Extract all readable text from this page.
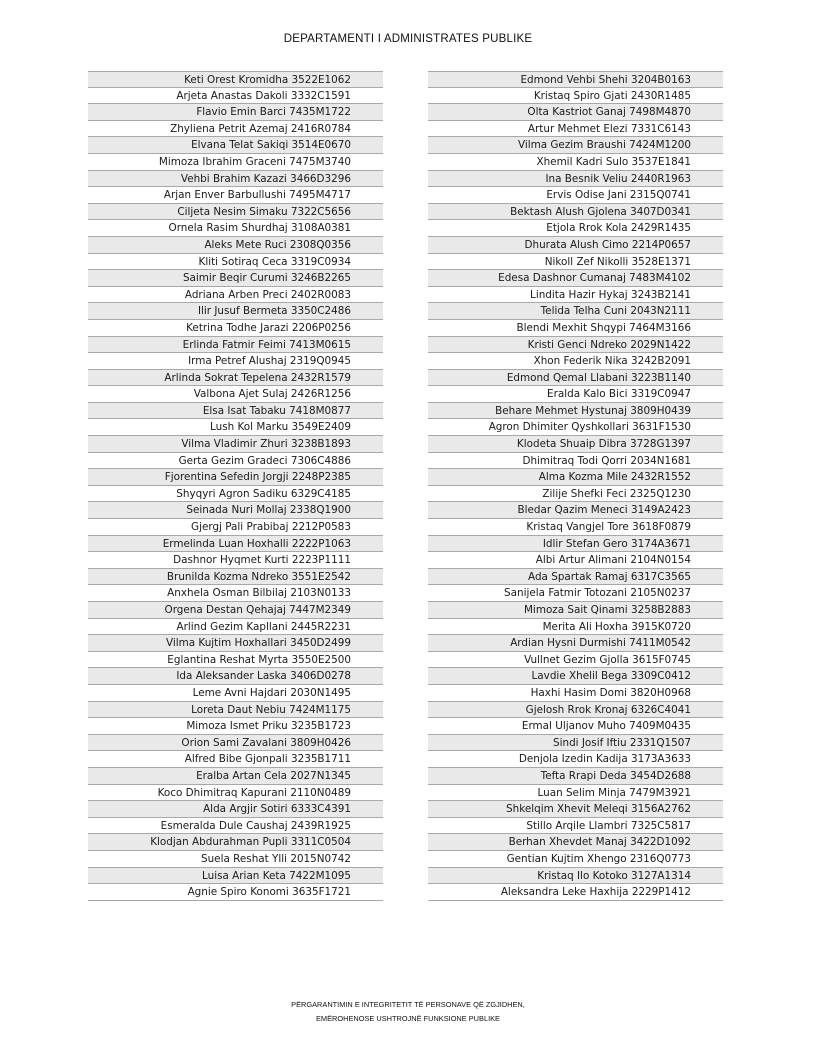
DEPARTAMENTI I ADMINISTRATES PUBLIKE
Keti Orest Kromidha 3522E1062
Arjeta Anastas Dakoli 3332C1591
Flavio Emin Barci 7435M1722
Zhyliena Petrit Azemaj 2416R0784
Elvana Telat Sakiqi 3514E0670
Mimoza Ibrahim Graceni 7475M3740
Vehbi Brahim Kazazi 3466D3296
Arjan Enver Barbullushi 7495M4717
Ciljeta Nesim Simaku 7322C5656
Ornela Rasim Shurdhaj 3108A0381
Aleks Mete Ruci 2308Q0356
Kliti Sotiraq Ceca 3319C0934
Saimir Beqir Curumi 3246B2265
Adriana Arben Preci 2402R0083
Ilir Jusuf Bermeta 3350C2486
Ketrina Todhe Jarazi 2206P0256
Erlinda Fatmir Feimi 7413M0615
Irma Petref Alushaj 2319Q0945
Arlinda Sokrat Tepelena 2432R1579
Valbona Ajet Sulaj 2426R1256
Elsa Isat Tabaku 7418M0877
Lush Kol Marku 3549E2409
Vilma Vladimir Zhuri 3238B1893
Gerta Gezim Gradeci 7306C4886
Fjorentina Sefedin Jorgji 2248P2385
Shyqyri Agron Sadiku 6329C4185
Seinada Nuri Mollaj 2338Q1900
Gjergj Pali Prabibaj 2212P0583
Ermelinda Luan Hoxhalli 2222P1063
Dashnor Hyqmet Kurti 2223P1111
Brunilda Kozma Ndreko 3551E2542
Anxhela Osman Bilbilaj 2103N0133
Orgena Destan Qehajaj 7447M2349
Arlind Gezim Kapllani 2445R2231
Vilma Kujtim Hoxhallari 3450D2499
Eglantina Reshat Myrta 3550E2500
Ida Aleksander Laska 3406D0278
Leme Avni Hajdari 2030N1495
Loreta Daut Nebiu 7424M1175
Mimoza Ismet Priku 3235B1723
Orion Sami Zavalani 3809H0426
Alfred Bibe Gjonpali 3235B1711
Eralba Artan Cela 2027N1345
Koco Dhimitraq Kapurani 2110N0489
Alda Argjir Sotiri 6333C4391
Esmeralda Dule Caushaj 2439R1925
Klodjan Abdurahman Pupli 3311C0504
Suela Reshat Ylli 2015N0742
Luisa Arian Keta 7422M1095
Agnie Spiro Konomi 3635F1721
Edmond Vehbi Shehi 3204B0163
Kristaq Spiro Gjati 2430R1485
Olta Kastriot Ganaj 7498M4870
Artur Mehmet Elezi 7331C6143
Vilma Gezim Braushi 7424M1200
Xhemil Kadri Sulo 3537E1841
Ina Besnik Veliu 2440R1963
Ervis Odise Jani 2315Q0741
Bektash Alush Gjolena 3407D0341
Etjola Rrok Kola 2429R1435
Dhurata Alush Cimo 2214P0657
Nikoll Zef Nikolli 3528E1371
Edesa Dashnor Cumanaj 7483M4102
Lindita Hazir Hykaj 3243B2141
Telida Telha Cuni 2043N2111
Blendi Mexhit Shqypi 7464M3166
Kristi Genci Ndreko 2029N1422
Xhon Federik Nika 3242B2091
Edmond Qemal Llabani 3223B1140
Eralda Kalo Bici 3319C0947
Behare Mehmet Hystunaj 3809H0439
Agron Dhimiter Qyshkollari 3631F1530
Klodeta Shuaip Dibra 3728G1397
Dhimitraq Todi Qorri 2034N1681
Alma Kozma Mile 2432R1552
Zilije Shefki Feci 2325Q1230
Bledar Qazim Meneci 3149A2423
Kristaq Vangjel Tore 3618F0879
Idlir Stefan Gero 3174A3671
Albi Artur Alimani 2104N0154
Ada Spartak Ramaj 6317C3565
Sanijela Fatmir Totozani 2105N0237
Mimoza Sait Qinami 3258B2883
Merita Ali Hoxha 3915K0720
Ardian Hysni Durmishi 7411M0542
Vullnet Gezim Gjolla 3615F0745
Lavdie Xhelil Bega 3309C0412
Haxhi Hasim Domi 3820H0968
Gjelosh Rrok Kronaj 6326C4041
Ermal Uljanov Muho 7409M0435
Sindi Josif Iftiu 2331Q1507
Denjola Izedin Kadija 3173A3633
Tefta Rrapi Deda 3454D2688
Luan Selim Minja 7479M3921
Shkelqim Xhevit Meleqi 3156A2762
Stillo Arqile Llambri 7325C5817
Berhan Xhevdet Manaj 3422D1092
Gentian Kujtim Xhengo 2316Q0773
Kristaq Ilo Kotoko 3127A1314
Aleksandra Leke Haxhija 2229P1412
PËRGARANTIMIN E INTEGRITETIT TË PERSONAVE QË ZGJIDHEN,
EMËROHENOSE USHTROJNË FUNKSIONE PUBLIKE
